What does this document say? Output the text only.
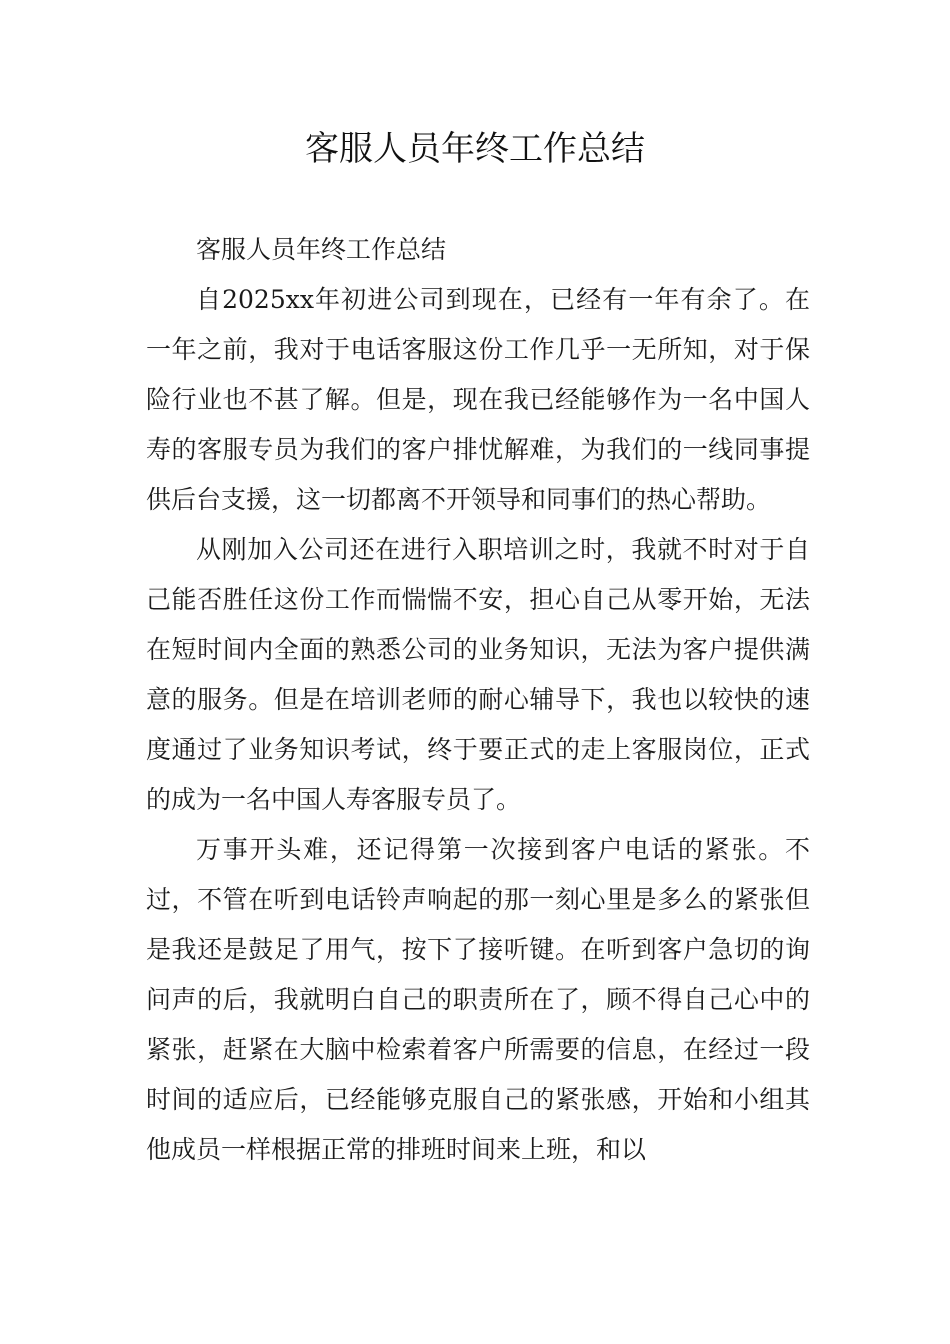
客服人员年终工作总结

客服人员年终工作总结

自2025xx年初进公司到现在，已经有一年有余了。在一年之前，我对于电话客服这份工作几乎一无所知，对于保险行业也不甚了解。但是，现在我已经能够作为一名中国人寿的客服专员为我们的客户排忧解难，为我们的一线同事提供后台支援，这一切都离不开领导和同事们的热心帮助。

从刚加入公司还在进行入职培训之时，我就不时对于自己能否胜任这份工作而惴惴不安，担心自己从零开始，无法在短时间内全面的熟悉公司的业务知识，无法为客户提供满意的服务。但是在培训老师的耐心辅导下，我也以较快的速度通过了业务知识考试，终于要正式的走上客服岗位，正式的成为一名中国人寿客服专员了。

万事开头难，还记得第一次接到客户电话的紧张。不过，不管在听到电话铃声响起的那一刻心里是多么的紧张但是我还是鼓足了用气，按下了接听键。在听到客户急切的询问声的后，我就明白自己的职责所在了，顾不得自己心中的紧张，赶紧在大脑中检索着客户所需要的信息，在经过一段时间的适应后，已经能够克服自己的紧张感，开始和小组其他成员一样根据正常的排班时间来上班，和以
